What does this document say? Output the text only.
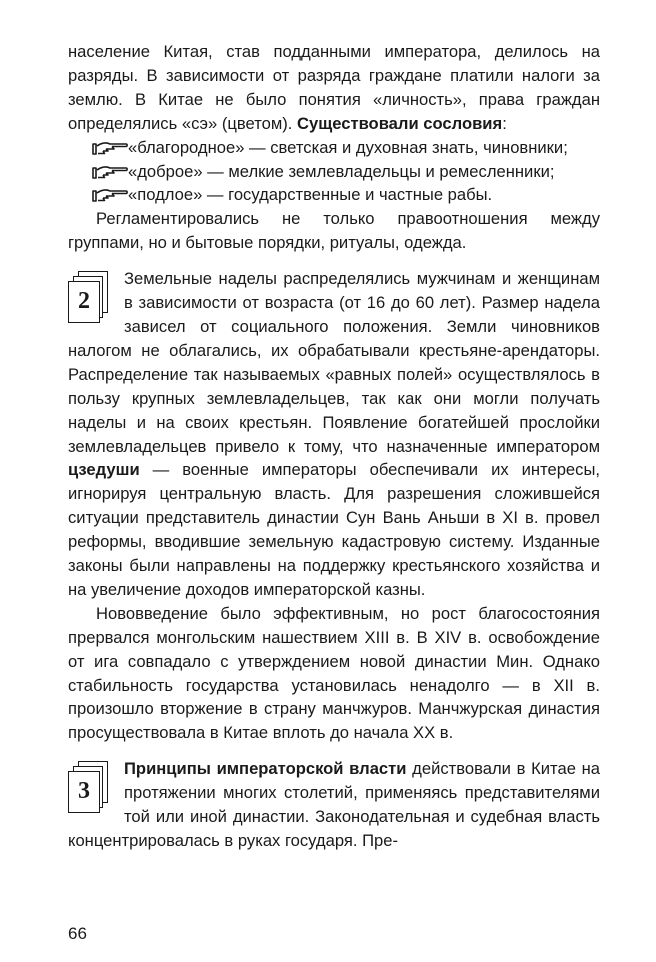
население Китая, став подданными императора, делилось на разряды. В зависимости от разряда граждане платили налоги за землю. В Китае не было понятия «личность», права граждан определялись «сэ» (цветом). Существовали сословия:

«благородное» — светская и духовная знать, чиновники;
«доброе» — мелкие землевладельцы и ремесленники;
«подлое» — государственные и частные рабы.

Регламентировались не только правоотношения между группами, но и бытовые порядки, ритуалы, одежда.

2

Земельные наделы распределялись мужчинам и женщинам в зависимости от возраста (от 16 до 60 лет). Размер надела зависел от социального положения. Земли чиновников налогом не облагались, их обрабатывали крестьяне-арендаторы. Распределение так называемых «равных полей» осуществлялось в пользу крупных землевладельцев, так как они могли получать наделы и на своих крестьян. Появление богатейшей прослойки землевладельцев привело к тому, что назначенные императором цзедуши — военные императоры обеспечивали их интересы, игнорируя центральную власть. Для разрешения сложившейся ситуации представитель династии Сун Вань Аньши в XI в. провел реформы, вводившие земельную кадастровую систему. Изданные законы были направлены на поддержку крестьянского хозяйства и на увеличение доходов императорской казны.

Нововведение было эффективным, но рост благосостояния прервался монгольским нашествием XIII в. В XIV в. освобождение от ига совпадало с утверждением новой династии Мин. Однако стабильность государства установилась ненадолго — в XII в. произошло вторжение в страну манчжуров. Манчжурская династия просуществовала в Китае вплоть до начала XX в.

3

Принципы императорской власти действовали в Китае на протяжении многих столетий, применяясь представителями той или иной династии. Законодательная и судебная власть концентрировалась в руках государя. Пре-

66
